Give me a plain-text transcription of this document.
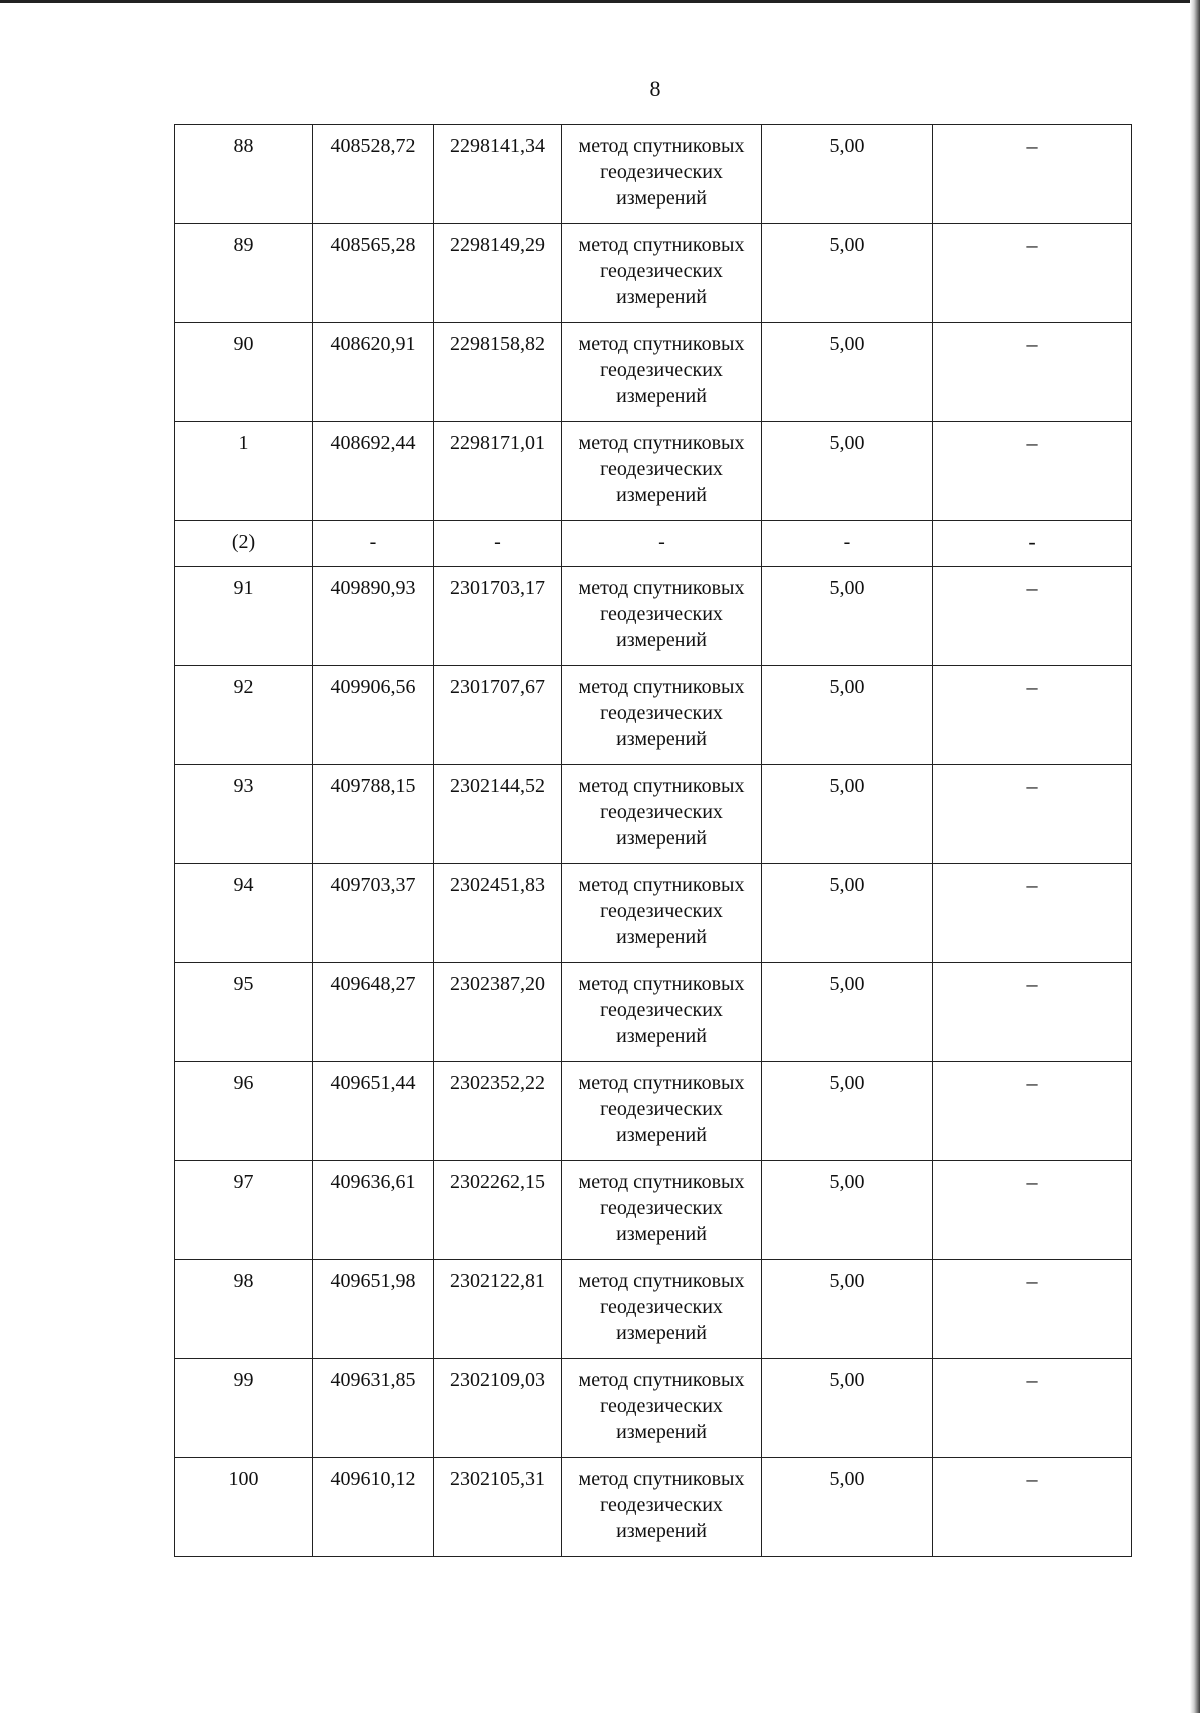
8
88	408528,72	2298141,34	метод спутниковых геодезических измерений	5,00	–
89	408565,28	2298149,29	метод спутниковых геодезических измерений	5,00	–
90	408620,91	2298158,82	метод спутниковых геодезических измерений	5,00	–
1	408692,44	2298171,01	метод спутниковых геодезических измерений	5,00	–
(2)	-	-	-	-	-
91	409890,93	2301703,17	метод спутниковых геодезических измерений	5,00	–
92	409906,56	2301707,67	метод спутниковых геодезических измерений	5,00	–
93	409788,15	2302144,52	метод спутниковых геодезических измерений	5,00	–
94	409703,37	2302451,83	метод спутниковых геодезических измерений	5,00	–
95	409648,27	2302387,20	метод спутниковых геодезических измерений	5,00	–
96	409651,44	2302352,22	метод спутниковых геодезических измерений	5,00	–
97	409636,61	2302262,15	метод спутниковых геодезических измерений	5,00	–
98	409651,98	2302122,81	метод спутниковых геодезических измерений	5,00	–
99	409631,85	2302109,03	метод спутниковых геодезических измерений	5,00	–
100	409610,12	2302105,31	метод спутниковых геодезических измерений	5,00	–
